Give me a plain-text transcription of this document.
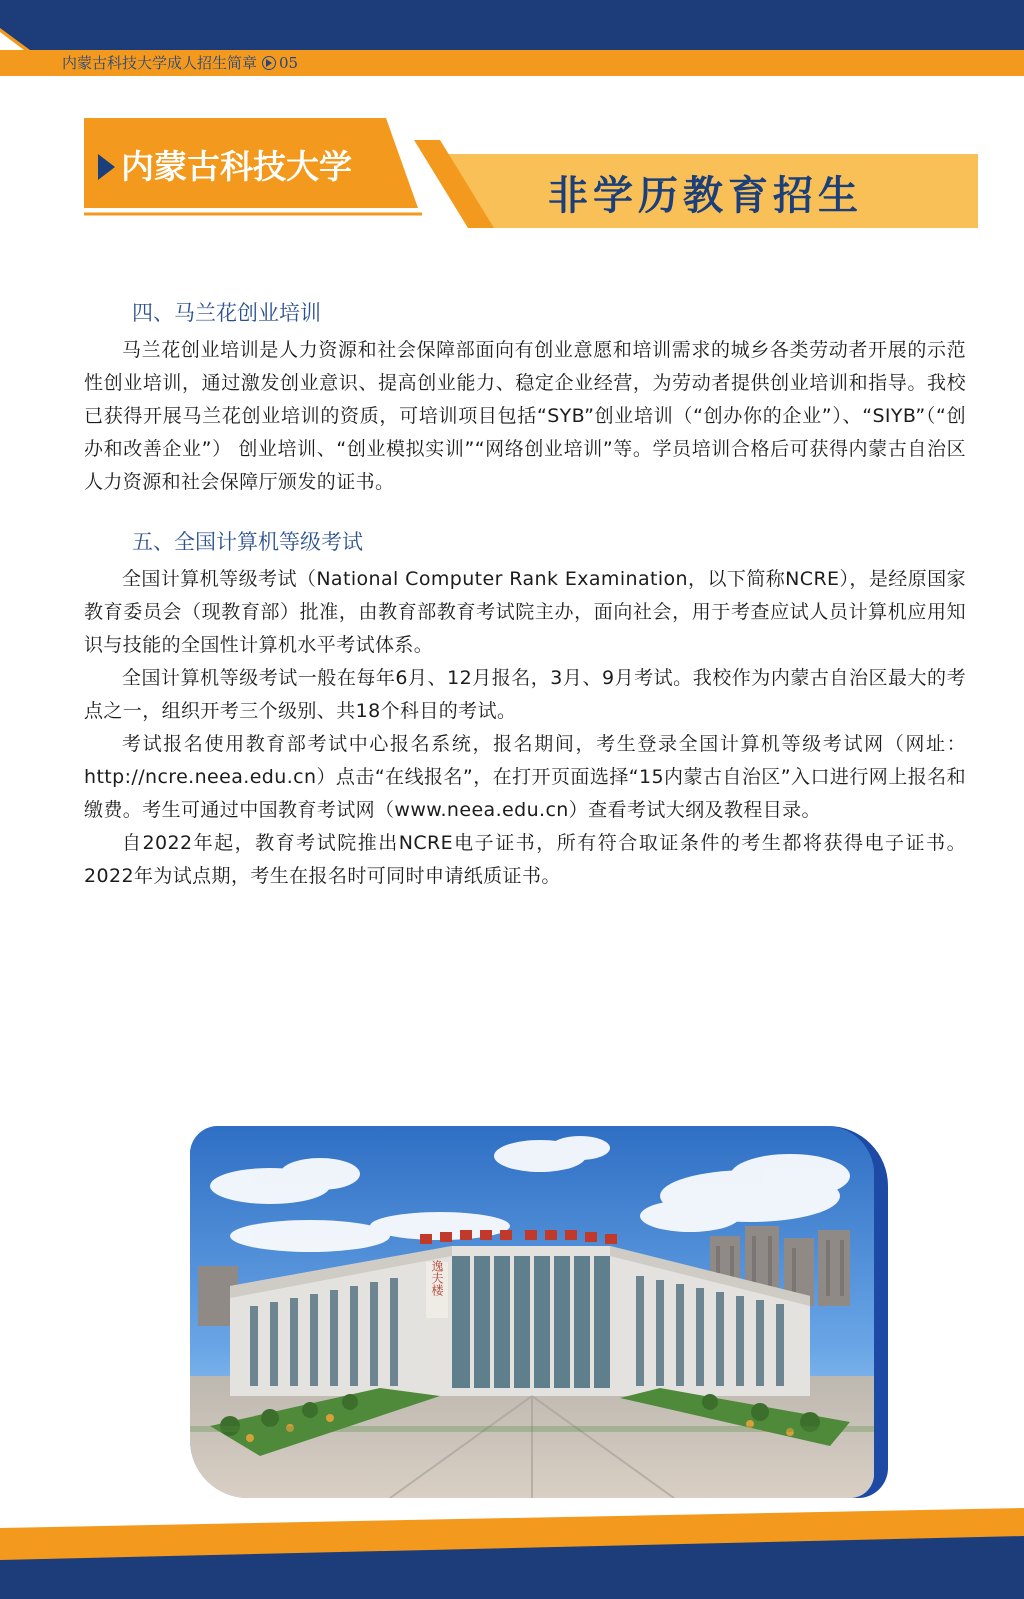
内蒙古科技大学成人招生简章 05
内蒙古科技大学
非学历教育招生
四、马兰花创业培训

马兰花创业培训是人力资源和社会保障部面向有创业意愿和培训需求的城乡各类劳动者开展的示范性创业培训，通过激发创业意识、提高创业能力、稳定企业经营，为劳动者提供创业培训和指导。我校已获得开展马兰花创业培训的资质，可培训项目包括“SYB”创业培训（“创办你的企业”）、“SIYB”（“创办和改善企业”） 创业培训、“创业模拟实训”“网络创业培训”等。学员培训合格后可获得内蒙古自治区人力资源和社会保障厅颁发的证书。

五、全国计算机等级考试

全国计算机等级考试（National Computer Rank Examination，以下简称NCRE），是经原国家教育委员会（现教育部）批准，由教育部教育考试院主办，面向社会，用于考查应试人员计算机应用知识与技能的全国性计算机水平考试体系。

全国计算机等级考试一般在每年6月、12月报名，3月、9月考试。我校作为内蒙古自治区最大的考点之一，组织开考三个级别、共18个科目的考试。

考试报名使用教育部考试中心报名系统，报名期间，考生登录全国计算机等级考试网（网址：http://ncre.neea.edu.cn）点击“在线报名”，在打开页面选择“15内蒙古自治区”入口进行网上报名和缴费。考生可通过中国教育考试网（www.neea.edu.cn）查看考试大纲及教程目录。

自2022年起，教育考试院推出NCRE电子证书，所有符合取证条件的考生都将获得电子证书。2022年为试点期，考生在报名时可同时申请纸质证书。

逸夫楼
